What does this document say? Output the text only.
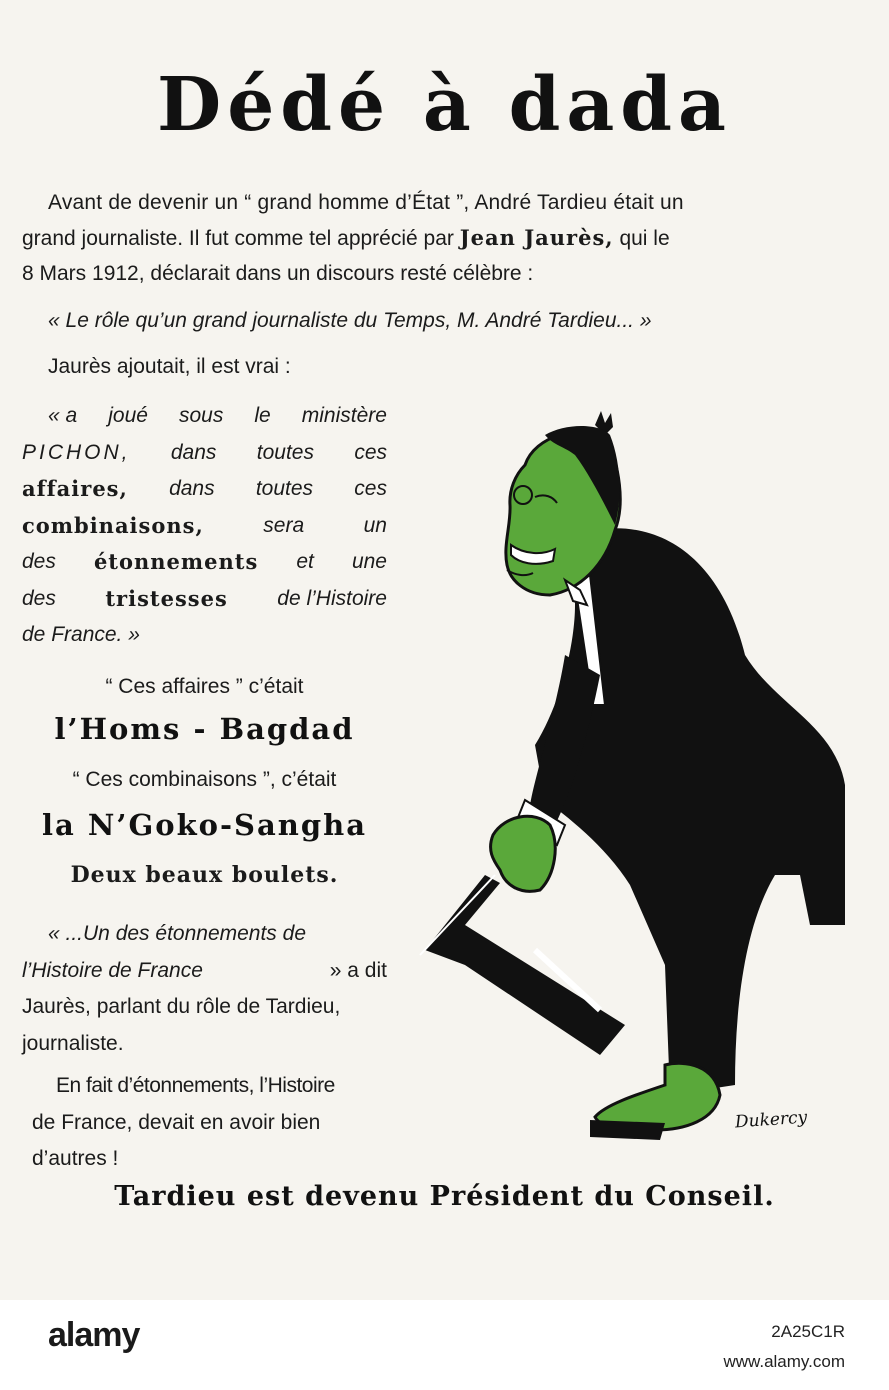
Dédé à dada
Avant de devenir un “ grand homme d’État ”, André Tardieu était un
grand journaliste. Il fut comme tel apprécié par Jean Jaurès, qui le
8 Mars 1912, déclarait dans un discours resté célèbre :
« Le rôle qu’un grand journaliste du Temps, M. André Tardieu... »
Jaurès ajoutait, il est vrai :
« a joué sous le ministère
PICHON, dans toutes ces
affaires, dans toutes ces
combinaisons,	sera	un
des étonnements et une
des tristesses de l’Histoire
de France. »
“ Ces affaires ” c’était
l’Homs - Bagdad
“ Ces combinaisons ”, c’était
la N’Goko-Sangha
Deux beaux boulets.
« ...Un des étonnements de
l’Histoire de France	» a dit
Jaurès, parlant du rôle de Tardieu,
journaliste.
En fait d’étonnements, l’Histoire
de France, devait en avoir bien
d’autres !
Tardieu est devenu Président du Conseil.
Dukercy
alamy	2A25C1R
www.alamy.com
